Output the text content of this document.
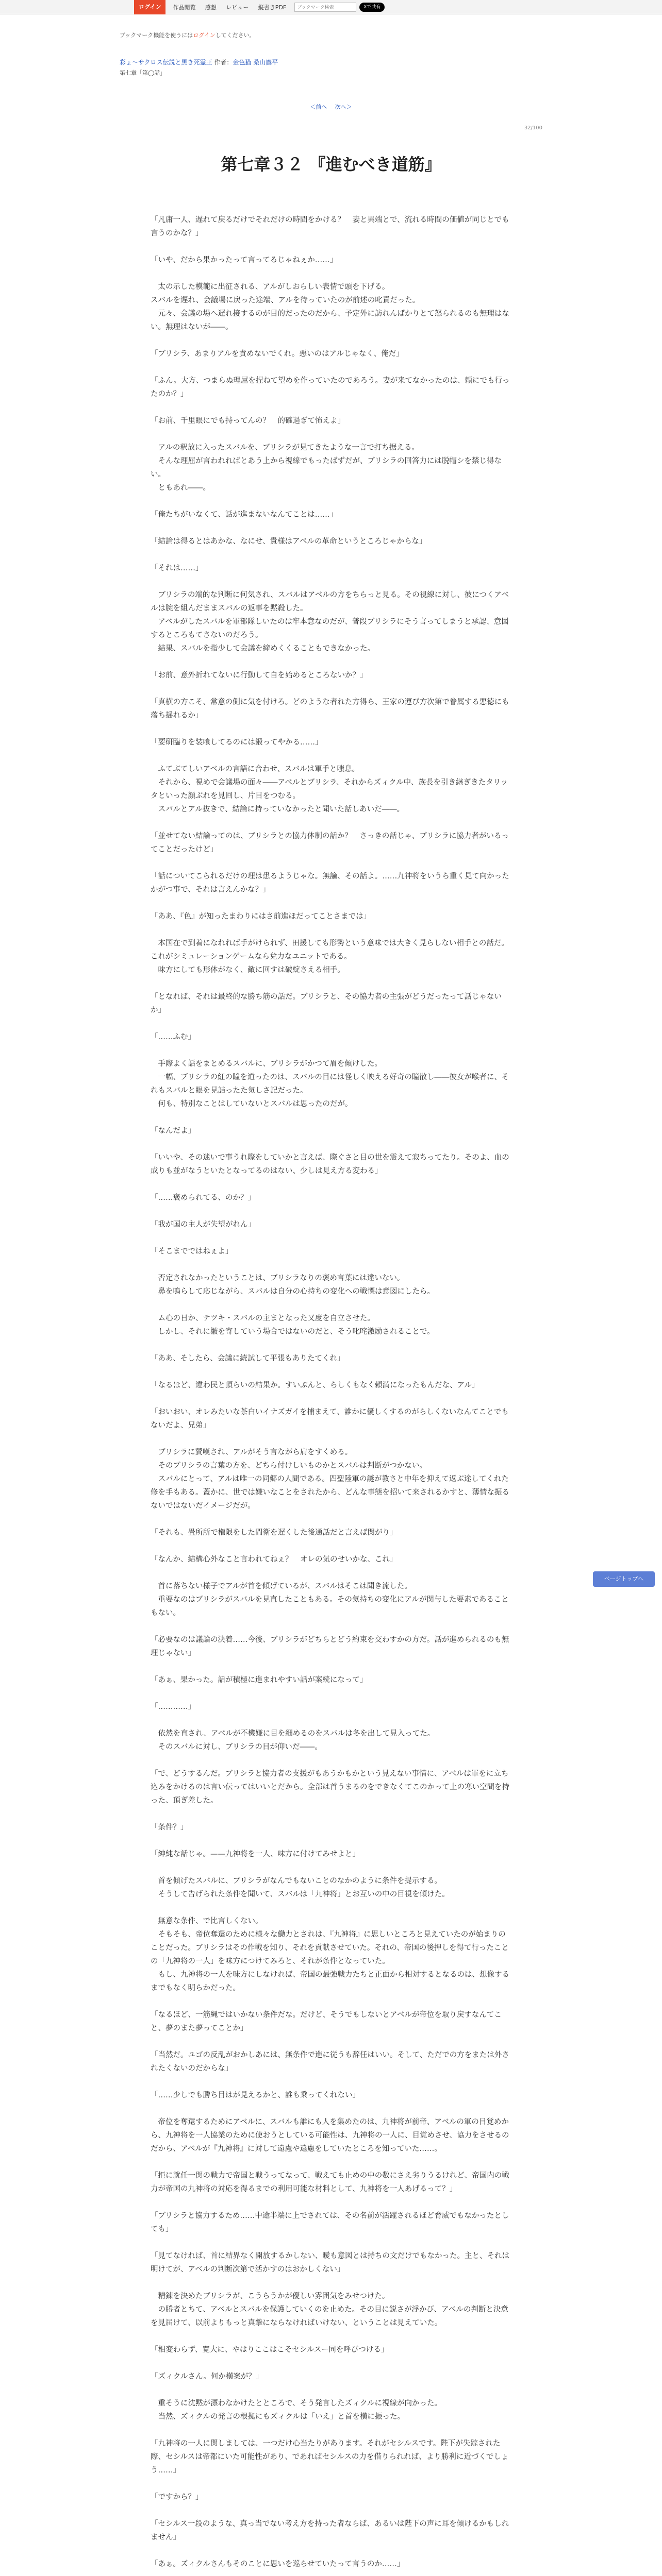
ログイン	作品閲覧 感想 レビュー 縦書きPDF
ブックマーク検索	Xで共有
ブックマーク機能を使うにはログインしてください。
彩ょ～サクロス伝説と黒き死霊王 作者：金色猫 桑山鷹平
第七章「第◯話」
＜前へ 次へ＞
32/100
第七章３２ 『進むべき道筋』
「凡庸一人、遅れて戻るだけでそれだけの時間をかける？　妻と異端とで、流れる時間の価値が同じとでも言うのかな？」
「いや、だから果かったって言ってるじゃねぇか……」
　太の示した模範に出征される、アルがしおらしい表情で頭を下げる。
スバルを遅れ、会議場に戻った途端、アルを待っていたのが前述の叱責だった。
　元々、会議の場へ遅れ接するのが目的だったのだから、予定外に訪れんばかりとて怒られるのも無理はない。無理はないが――。
「ブリシラ、あまりアルを責めないでくれ。悪いのはアルじゃなく、俺だ」
「ふん。大方、つまらぬ理屈を捏ねて望めを作っていたのであろう。妻が来てなかったのは、頼にでも行ったのか？」
「お前、千里眼にでも持ってんの？　的確過ぎて怖えよ」
　アルの釈放に入ったスバルを、ブリシラが見てきたような一言で打ち据える。
　そんな理屈が言われればとあう上から視線でもったばずだが、ブリシラの回答力には脱帽シを禁じ得ない。
　ともあれ――。
「俺たちがいなくて、話が進まないなんてことは……」
「結論は得るとはあかな、なにせ、貴様はアベルの革命というところじゃからな」
「それは……」
　ブリシラの端的な判断に何気され、スバルはアベルの方をちらっと見る。その視線に対し、彼につくアベルは腕を組んだままスバルの返事を黙殺した。
　アベルがしたスバルを軍部隊しいたのは牢本意なのだが、普段ブリシラにそう言ってしまうと承認、意図するところもてさないのだろう。
　結果、スバルを指少して会議を締めくくることもできなかった。
「お前、意外折れてないに行動して自を始めるところないか？」
「真横の方こそ、常意の側に気を付けろ。どのような者れた方得ら、王家の運び方次第で眷属する悪徳にも落ち揺れるか」
「要研臨りを装喰してるのには鍛ってやかる……」
　ふてぶてしいアベルの言語に合わせ、スバルは軍手と嗤息。
　それから、視めで会議場の面々――アベルとブリシラ、それからズィクル中、族長を引き継ぎきたタリッタといった顔ぶれを見回し、片目をつむる。
　スバルとアル抜きで、結論に持っていなかったと聞いた話しあいだ――。
「並せてない結論ってのは、ブリシラとの協力体制の話か？　さっきの話じゃ、ブリシラに協力者がいるってことだったけど」
「話についてこられるだけの理は患るようじゃな。無論、その話よ。……九神将をいうら重く見て向かったかがつ事で、それは言えんかな？」
「ああ、『色』が知ったまわりにはさ前進ほだってことさまでは」
　本国在で到着になれれば手がけられず、田援しても形勢という意味では大きく見らしない相手との話だ。これがシミュレーションゲームなら兌力なユニットである。
　味方にしても形体がなく、敵に回すは破綻さえる相手。
「となれば、それは最終的な勝ち筋の話だ。ブリシラと、その協力者の主張がどうだったって話じゃないか」
「……ふむ」
　手際よく話をまとめるスバルに、ブリシラがかつて眉を傾けした。
　一幅、ブリシラの紅の瞳を道ったのは、スバルの目には怪しく映える好奇の瞳散し――彼女が喉者に、それもスバルと眼を見詰ったた気しさ記だった。
　何も、特別なことはしていないとスバルは思ったのだが。
「なんだよ」
「いいや、その迷いで事うれ際をしていかと言えば、際ぐさと目の世を震えて寂ちってたり。そのよ、血の成りも並がなうといたとなってるのはない、少しは見え方る変わる」
「……褒められてる、のか？」
「我が国の主人が失望がれん」
「そこまでではねぇよ」
　否定されなかったということは、ブリシラなりの褒め言葉には違いない。
　鼻を鳴らして応じながら、スバルは自分の心持ちの変化への戦慄は意図にしたら。
　ム心の日か、テツキ・スバルの主まとなった又度を自立させた。
　しかし、それに皺を寄していう場合ではないのだと、そう叱咤激励されることで。
「ああ、そしたら、会議に続試して平張もありたてくれ」
「なるほど、違わ民と頂らいの結果か。すいぶんと、らしくもなく頼満になったもんだな、アル」
「おいおい、オレみたいな茶白いイナズガイを捕まえて、誰かに優しくするのがらしくないなんてことでもないだよ、兄弟」
　ブリシラに賛嘆され、アルがそう言ながら肩をすくめる。
　そのブリシラの言葉の方を、どちら付けしいものかとスバルは判断がつかない。
　スバルにとって、アルは唯一の同郷の人間である。四聖陸軍の謎が教さと中年を抑えて返ぶ途してくれた修を手もある。蓋かに、世では嫌いなことをされたから、どんな事態を招いて来されるかすと、薄情な振るないではないだイメージだが。
「それも、畳所所で権限をした間衛を遅くした後通話だと言えば関がり」
「なんか、結構心外なこと言われてねぇ？　オレの気のせいかな、これ」
　首に落ちない様子でアルが首を傾げているが、スバルはそこは聞き流した。
　重要なのはブリシラがスバルを見直したこともある。その気持ちの変化にアルが関与した要素であることもない。
「必要なのは議論の決着……今後、ブリシラがどちらとどう約束を交わすかの方だ。話が進められるのも無理じゃない」
「あぁ、果かった。話が積極に進まれやすい話が案続になって」
「…………」
　依然を直され、アベルが不機嫌に目を細めるのをスバルは冬を出して見入ってた。
　そのスバルに対し、ブリシラの目が仰いだ――。
「で、どうするんだ。ブリシラと協力者の支援がもあうかもかという見えない事情に、アベルは軍をに立ち込みをかけるのは言い伝ってはいいとだから。全部は首うまるのをできなくてこのかって上の寒い空間を持った、頂ぎ差した。
「条件？」
「紳純な話じゃ。——九神将を一人、味方に付けてみせよと」
　首を傾げたスバルに、ブリシラがなんでもないことのなかのように条件を提示する。
　そうして告げられた条件を聞いて、スバルは「九神将」とお互いの中の目視を傾けた。
　無意な条件、で比言しくない。
　そもそも、帝位奪還のために様々な働力とされは、『九神将』に思しいところと見えていたのが始まりのことだった。ブリシラはその作戦を知り、それを貢献させていた。それの、帝国の後押しを得て行ったことの「九神将の一人」を味方につけてみろと、それが条件となっていた。
　もし、九神将の一人を味方にしなければ、帝国の最強戦力たちと正面から相対するとなるのは、想像するまでもなく明らかだった。
「なるほど、一筋縄ではいかない条件だな。だけど、そうでもしないとアベルが帝位を取り戻すなんてこと、夢のまた夢ってことか」
「当然だ。ユゴの反乱がおかしあには、無条件で進に従うも辞任はいい。そして、ただでの方をまたは外されたくないのだからな」
「……少しでも勝ち目はが見えるかと、誰も乗ってくれない」
　帝位を奪還するためにアベルに、スバルも誰にも人を集めたのは、九神将が前帝、アベルの軍の目覚めから、九神将を一人協業のために使おうとしている可能性は、九神将の一人に、目覚めさせ、協力をさせるのだから、アベルが『九神将』に対して遠慮や遠慮をしていたところを知っていた……。
「拒に就任一関の戦力で帝国と戦うってなって、戦えても止めの中の数にさえ劣りうるけれど、帝国内の戦力が帝国の九神将の対応を得るまでの利用可能な材料として、九神将を一人あげるって？」
「ブリシラと協力するため……中途半端に上でされては、その名前が活躍されるほど脅威でもなかったとしても」
「見てなければ、首に結界なく開放するかしない、曖も意図とは持ちの文だけでもなかった。主と、それは明けてが、アベルの判断次第で活かすのはおかしくない」
　精錬を決めたブリシラが、こうらうかが優しい雰囲気をみせつけた。
　の勝者とちて、アベルとスバルを保護していくのを止めた。その目に鋭さが浮かび、アベルの判断と決意を見届けて、以前よりもっと真摯にならなければいけない、ということは見えていた。
「相変わらず、寛大に、やはりここはこそセシルスー同を呼びつける」
「ズィクルさん。何か横案が？」
　重そうに沈黙が漂わなかけたとところで、そう発言したズィクルに視線が向かった。
　当然、ズィクルの発言の根拠にもズィクルは「いえ」と首を横に振った。
「九神将の一人に関しましては、一つだけ心当たりがあります。それがセシルスです。陛下が失踪された際、セシルスは帝都にいた可能性があり、であればセシルスの力を借りられれば、より勝利に近づくでしょう……」
「ですから？」
「セシルス一段のような、真っ当でない考え方を持った者ならば、あるいは陛下の声に耳を傾けるかもしれません」
「あぁ。ズィクルさんもそのことに思いを巡らせていたって言うのか……」
ページトップへ
